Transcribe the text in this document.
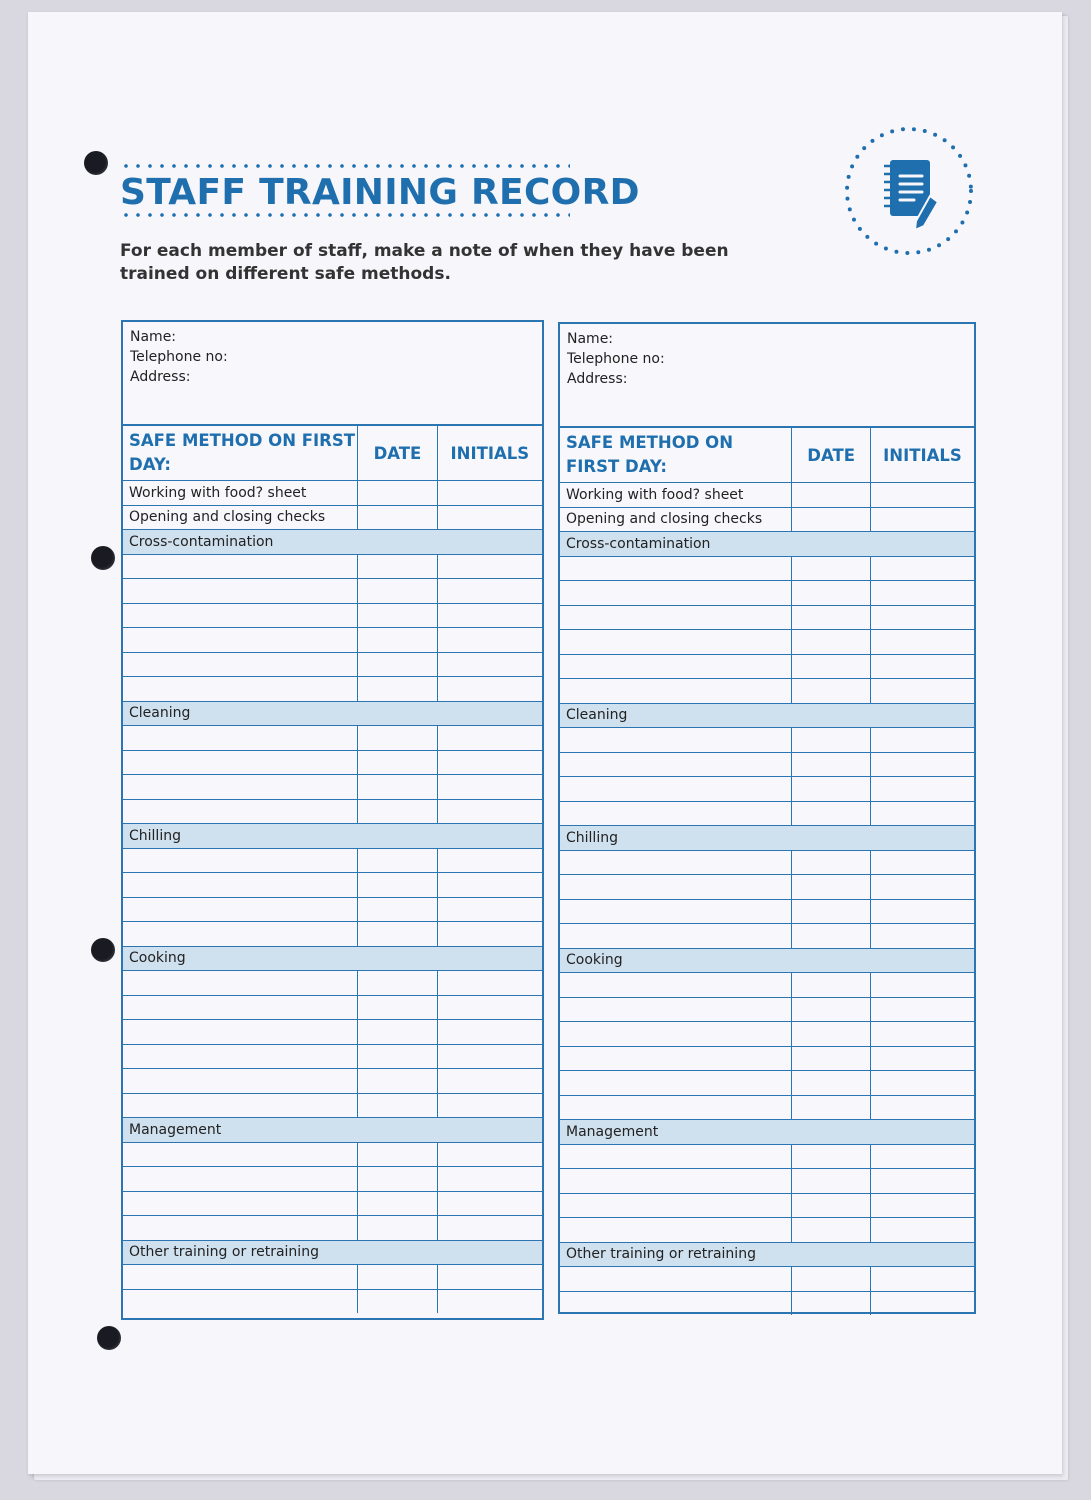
STAFF TRAINING RECORD
For each member of staff, make a note of when they have been trained on different safe methods.
Name:
Telephone no:
Address:
SAFE METHOD ON FIRST DAY:	DATE	INITIALS
Working with food? sheet		
Opening and closing checks		
Cross-contamination		

Cleaning		

Chilling		

Cooking		

Management		

Other training or retraining		

Name:
Telephone no:
Address:
SAFE METHOD ON FIRST DAY:	DATE	INITIALS
Working with food? sheet		
Opening and closing checks		
Cross-contamination		

Cleaning		

Chilling		

Cooking		

Management		

Other training or retraining		
